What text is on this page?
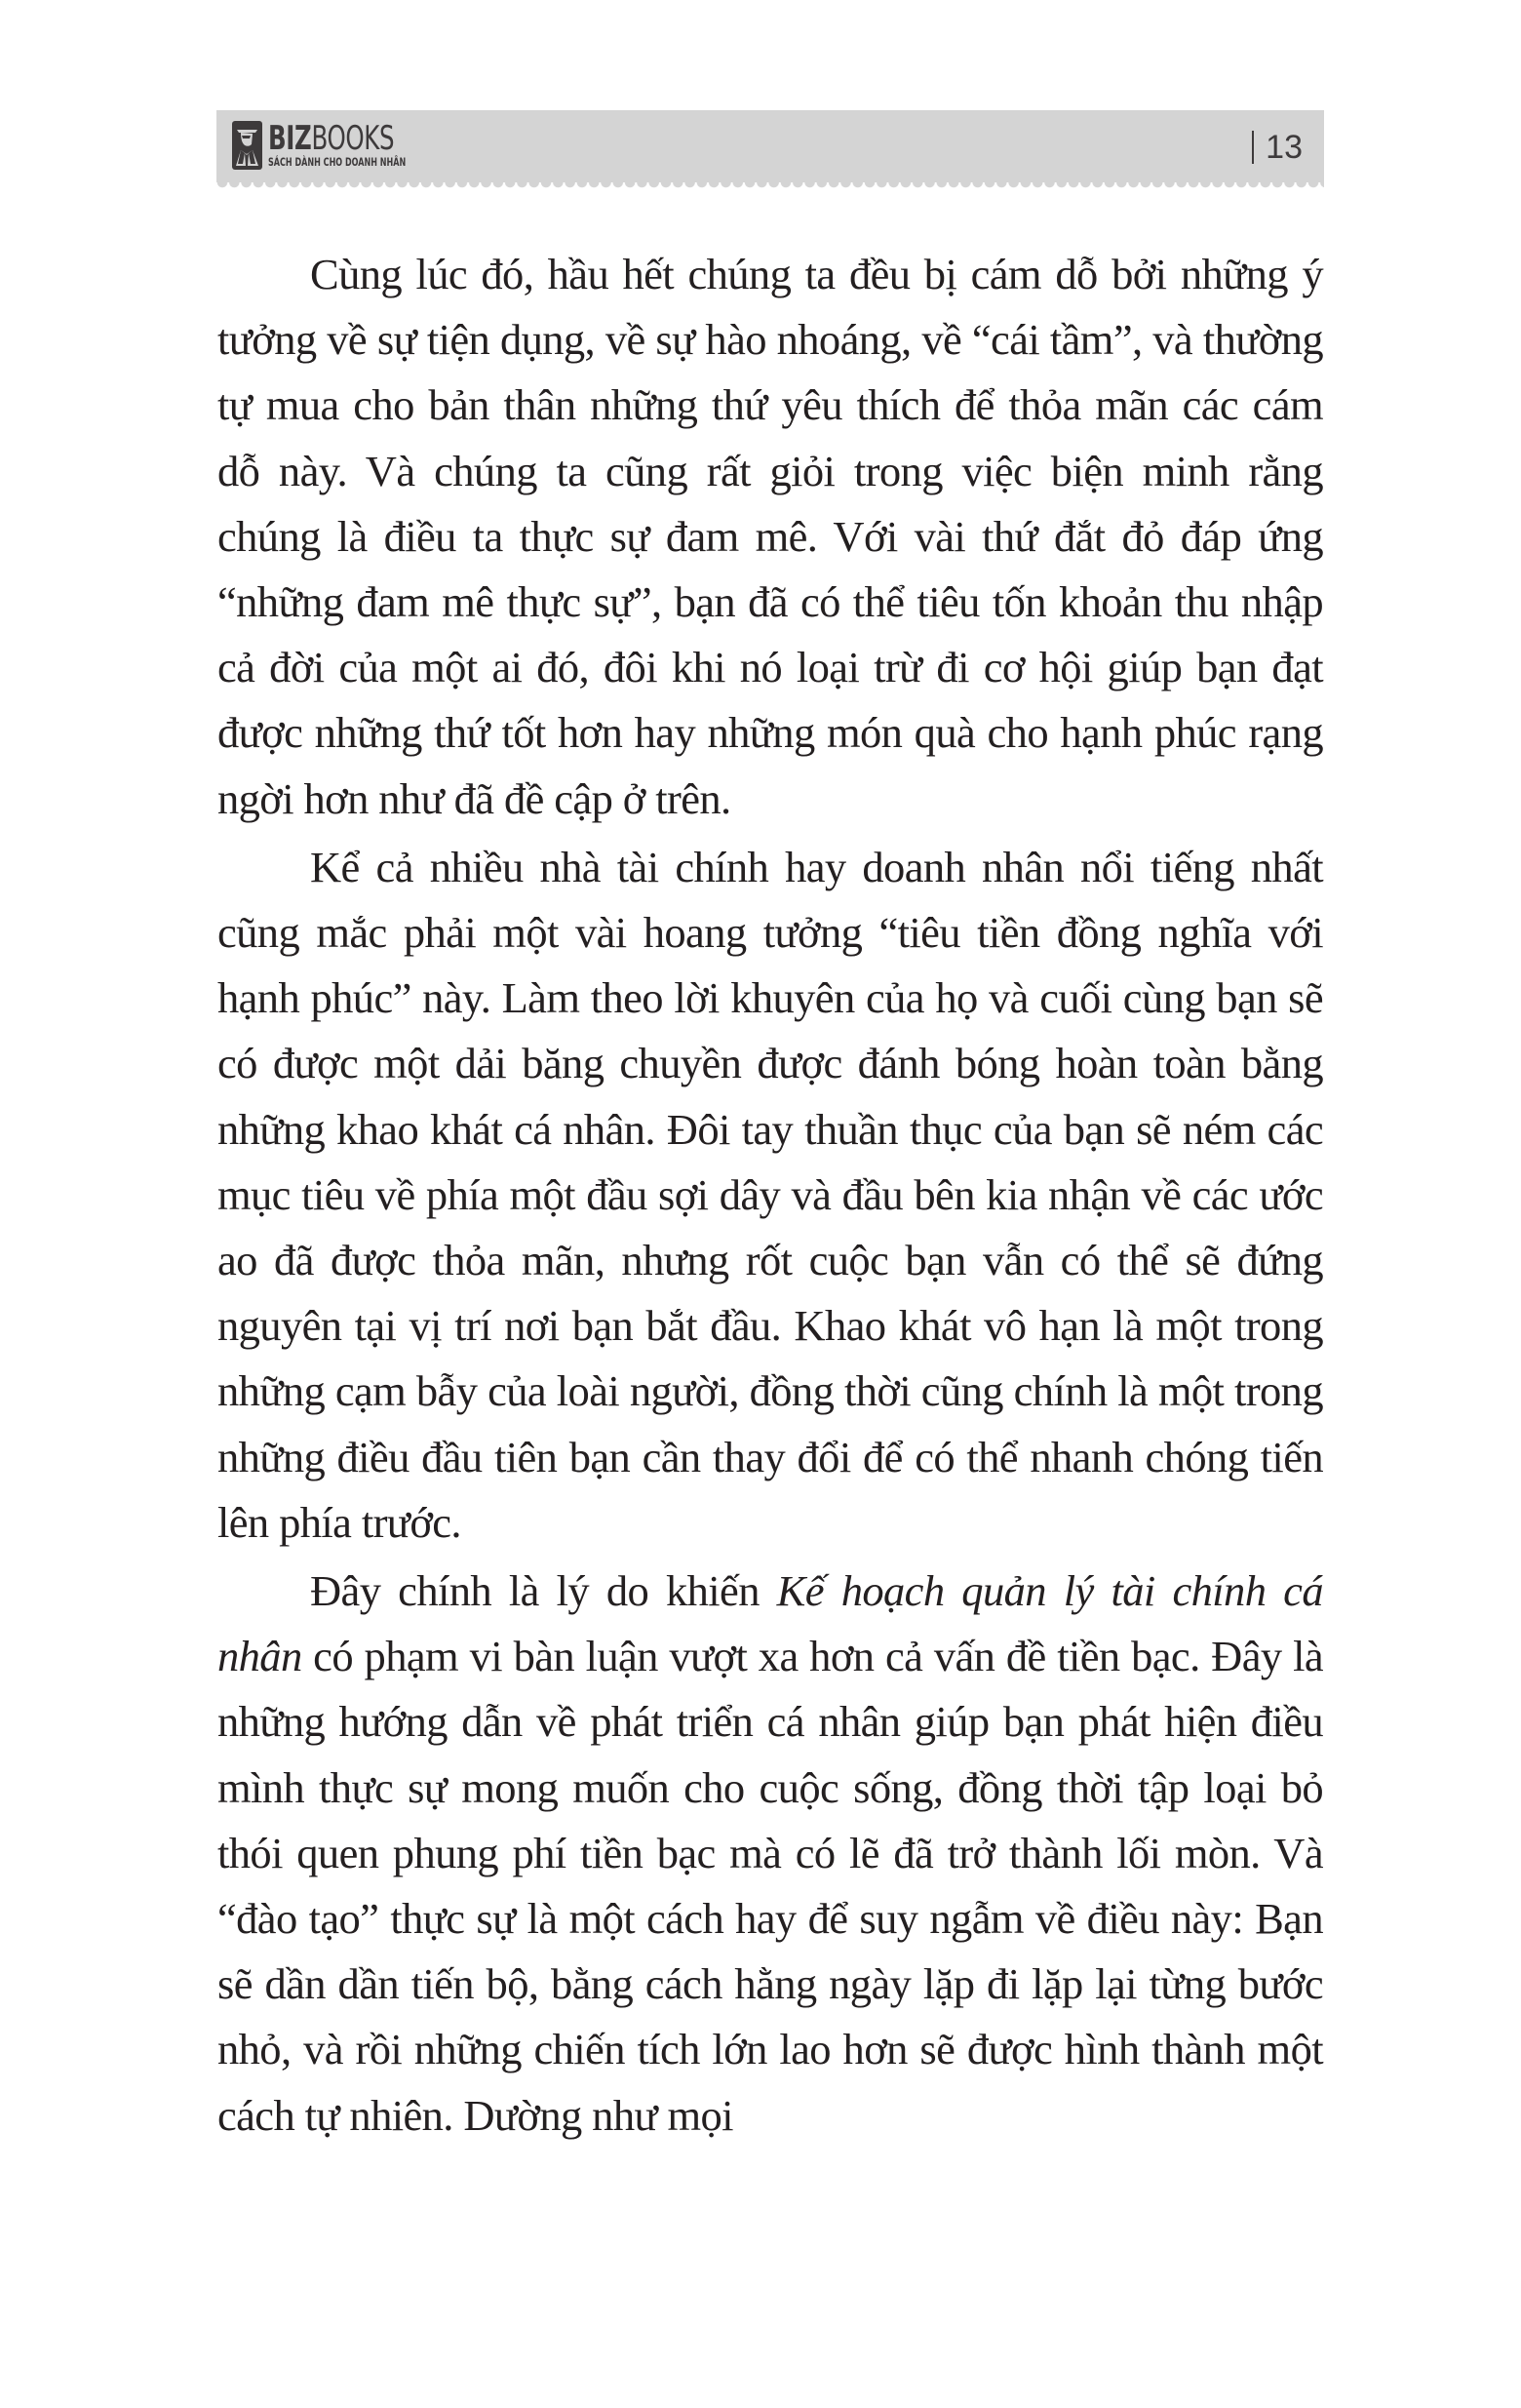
BIZBOOKS
SÁCH DÀNH CHO DOANH NHÂN	13

Cùng lúc đó, hầu hết chúng ta đều bị cám dỗ bởi những ý tưởng về sự tiện dụng, về sự hào nhoáng, về “cái tầm”, và thường tự mua cho bản thân những thứ yêu thích để thỏa mãn các cám dỗ này. Và chúng ta cũng rất giỏi trong việc biện minh rằng chúng là điều ta thực sự đam mê. Với vài thứ đắt đỏ đáp ứng “những đam mê thực sự”, bạn đã có thể tiêu tốn khoản thu nhập cả đời của một ai đó, đôi khi nó loại trừ đi cơ hội giúp bạn đạt được những thứ tốt hơn hay những món quà cho hạnh phúc rạng ngời hơn như đã đề cập ở trên.

Kể cả nhiều nhà tài chính hay doanh nhân nổi tiếng nhất cũng mắc phải một vài hoang tưởng “tiêu tiền đồng nghĩa với hạnh phúc” này. Làm theo lời khuyên của họ và cuối cùng bạn sẽ có được một dải băng chuyền được đánh bóng hoàn toàn bằng những khao khát cá nhân. Đôi tay thuần thục của bạn sẽ ném các mục tiêu về phía một đầu sợi dây và đầu bên kia nhận về các ước ao đã được thỏa mãn, nhưng rốt cuộc bạn vẫn có thể sẽ đứng nguyên tại vị trí nơi bạn bắt đầu. Khao khát vô hạn là một trong những cạm bẫy của loài người, đồng thời cũng chính là một trong những điều đầu tiên bạn cần thay đổi để có thể nhanh chóng tiến lên phía trước.

Đây chính là lý do khiến Kế hoạch quản lý tài chính cá nhân có phạm vi bàn luận vượt xa hơn cả vấn đề tiền bạc. Đây là những hướng dẫn về phát triển cá nhân giúp bạn phát hiện điều mình thực sự mong muốn cho cuộc sống, đồng thời tập loại bỏ thói quen phung phí tiền bạc mà có lẽ đã trở thành lối mòn. Và “đào tạo” thực sự là một cách hay để suy ngẫm về điều này: Bạn sẽ dần dần tiến bộ, bằng cách hằng ngày lặp đi lặp lại từng bước nhỏ, và rồi những chiến tích lớn lao hơn sẽ được hình thành một cách tự nhiên. Dường như mọi
